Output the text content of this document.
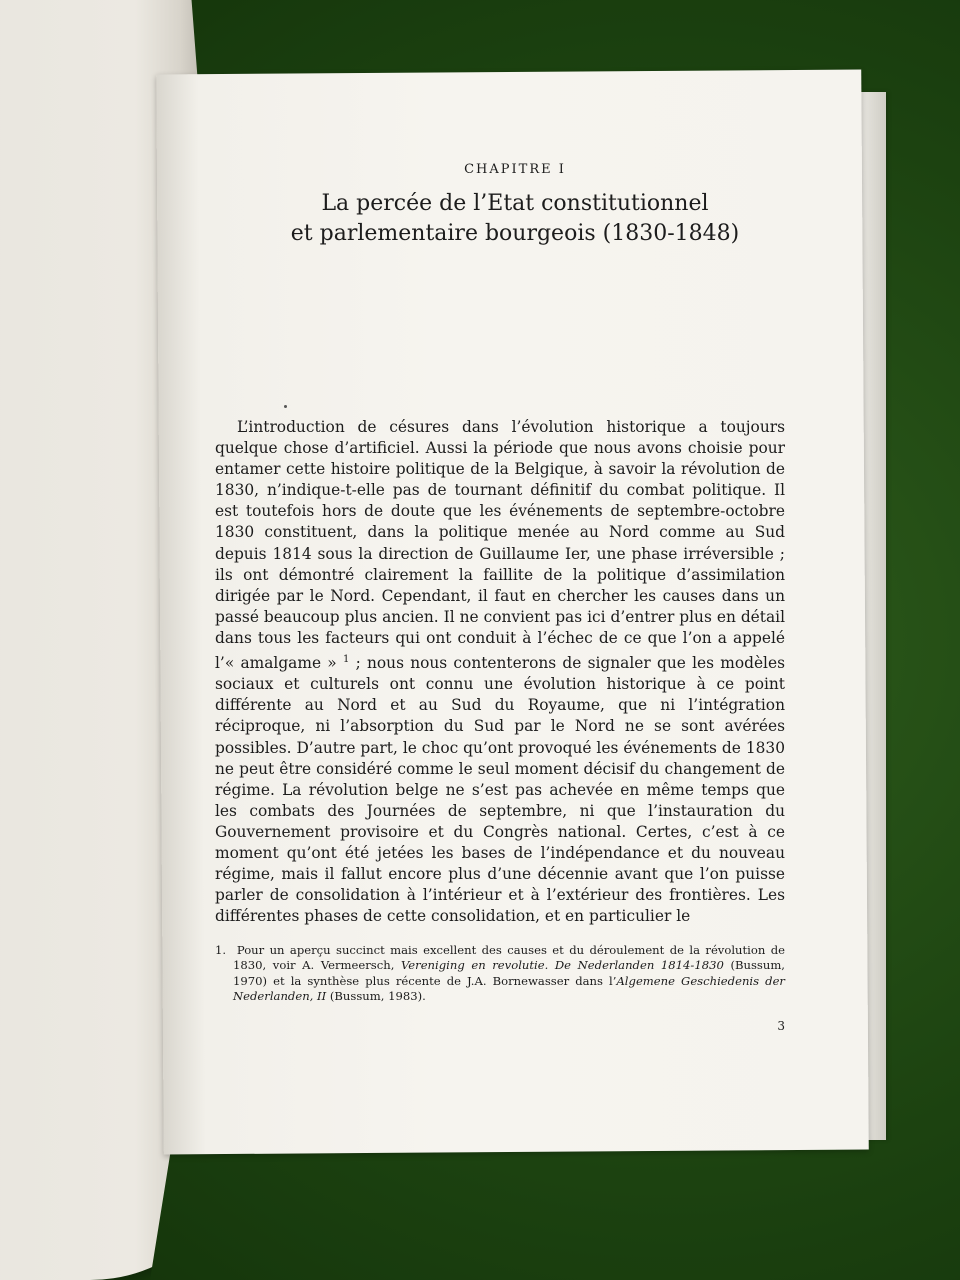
CHAPITRE I
La percée de l’Etat constitutionnel
et parlementaire bourgeois (1830-1848)

L’introduction de césures dans l’évolution historique a toujours quelque chose d’artificiel. Aussi la période que nous avons choisie pour entamer cette histoire politique de la Belgique, à savoir la révolution de 1830, n’indique-t-elle pas de tournant définitif du combat politique. Il est toutefois hors de doute que les événements de septembre-octobre 1830 constituent, dans la politique menée au Nord comme au Sud depuis 1814 sous la direction de Guillaume Ier, une phase irréversible ; ils ont démontré clairement la faillite de la politique d’assimilation dirigée par le Nord. Cependant, il faut en chercher les causes dans un passé beaucoup plus ancien. Il ne convient pas ici d’entrer plus en détail dans tous les facteurs qui ont conduit à l’échec de ce que l’on a appelé l’« amalgame » $^1$ ; nous nous contenterons de signaler que les modèles sociaux et culturels ont connu une évolution historique à ce point différente au Nord et au Sud du Royaume, que ni l’intégration réciproque, ni l’absorption du Sud par le Nord ne se sont avérées possibles. D’autre part, le choc qu’ont provoqué les événements de 1830 ne peut être considéré comme le seul moment décisif du changement de régime. La révolution belge ne s’est pas achevée en même temps que les combats des Journées de septembre, ni que l’instauration du Gouvernement provisoire et du Congrès national. Certes, c’est à ce moment qu’ont été jetées les bases de l’indépendance et du nouveau régime, mais il fallut encore plus d’une décennie avant que l’on puisse parler de consolidation à l’intérieur et à l’extérieur des frontières. Les différentes phases de cette consolidation, et en particulier le

1. Pour un aperçu succinct mais excellent des causes et du déroulement de la révolution de 1830, voir A. Vermeersch, Vereniging en revolutie. De Nederlanden 1814-1830 (Bussum, 1970) et la synthèse plus récente de J.A. Bornewasser dans l’Algemene Geschiedenis der Nederlanden, II (Bussum, 1983).
3
